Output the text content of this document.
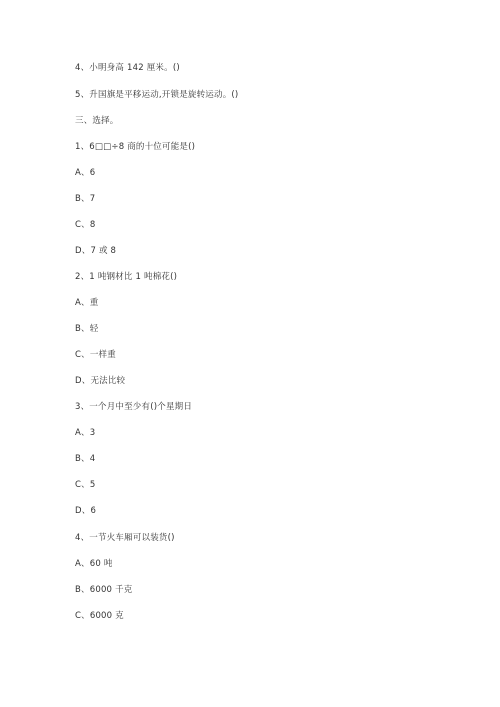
4、小明身高 142 厘米。()
5、升国旗是平移运动,开锁是旋转运动。()
三、选择。
1、6□□÷8 商的十位可能是()
A、6
B、7
C、8
D、7 或 8
2、1 吨钢材比 1 吨棉花()
A、重
B、轻
C、一样重
D、无法比较
3、一个月中至少有()个星期日
A、3
B、4
C、5
D、6
4、一节火车厢可以装货()
A、60 吨
B、6000 千克
C、6000 克
